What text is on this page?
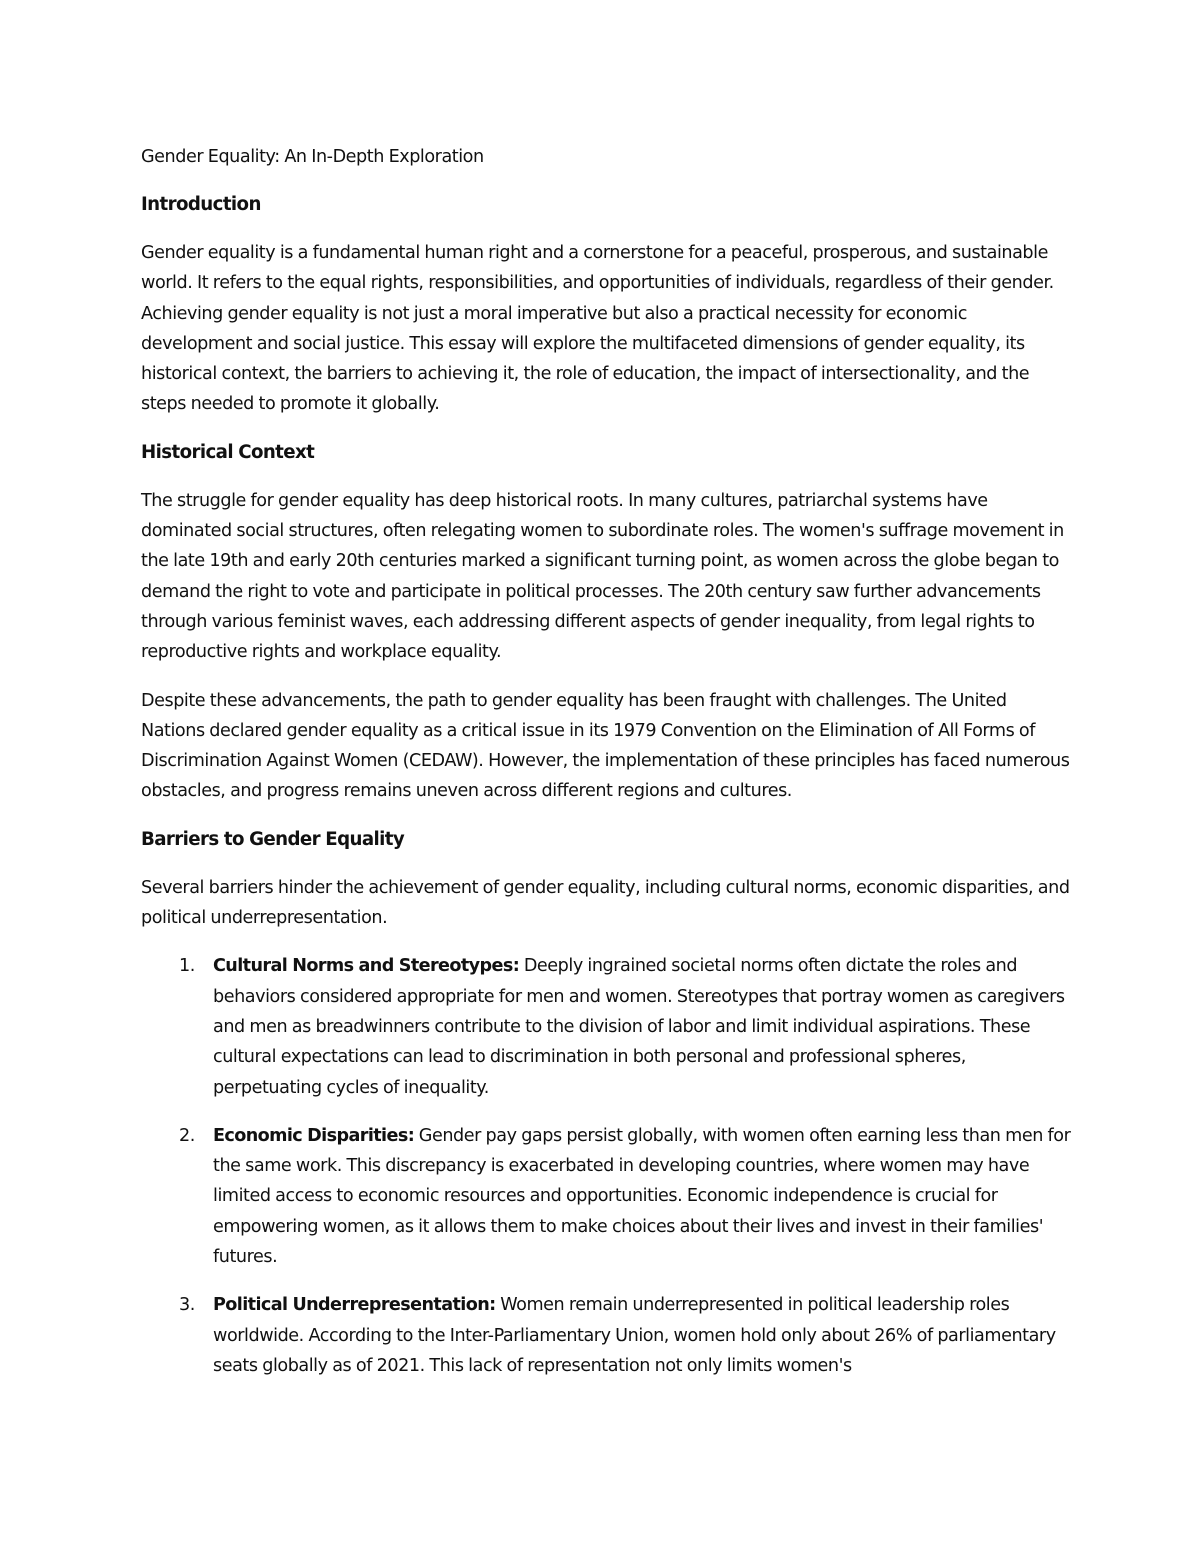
Gender Equality: An In-Depth Exploration
Introduction

Gender equality is a fundamental human right and a cornerstone for a peaceful, prosperous, and sustainable world. It refers to the equal rights, responsibilities, and opportunities of individuals, regardless of their gender. Achieving gender equality is not just a moral imperative but also a practical necessity for economic development and social justice. This essay will explore the multifaceted dimensions of gender equality, its historical context, the barriers to achieving it, the role of education, the impact of intersectionality, and the steps needed to promote it globally.

Historical Context

The struggle for gender equality has deep historical roots. In many cultures, patriarchal systems have dominated social structures, often relegating women to subordinate roles. The women's suffrage movement in the late 19th and early 20th centuries marked a significant turning point, as women across the globe began to demand the right to vote and participate in political processes. The 20th century saw further advancements through various feminist waves, each addressing different aspects of gender inequality, from legal rights to reproductive rights and workplace equality.

Despite these advancements, the path to gender equality has been fraught with challenges. The United Nations declared gender equality as a critical issue in its 1979 Convention on the Elimination of All Forms of Discrimination Against Women (CEDAW). However, the implementation of these principles has faced numerous obstacles, and progress remains uneven across different regions and cultures.

Barriers to Gender Equality

Several barriers hinder the achievement of gender equality, including cultural norms, economic disparities, and political underrepresentation.

1. Cultural Norms and Stereotypes: Deeply ingrained societal norms often dictate the roles and behaviors considered appropriate for men and women. Stereotypes that portray women as caregivers and men as breadwinners contribute to the division of labor and limit individual aspirations. These cultural expectations can lead to discrimination in both personal and professional spheres, perpetuating cycles of inequality.
2. Economic Disparities: Gender pay gaps persist globally, with women often earning less than men for the same work. This discrepancy is exacerbated in developing countries, where women may have limited access to economic resources and opportunities. Economic independence is crucial for empowering women, as it allows them to make choices about their lives and invest in their families' futures.
3. Political Underrepresentation: Women remain underrepresented in political leadership roles worldwide. According to the Inter-Parliamentary Union, women hold only about 26% of parliamentary seats globally as of 2021. This lack of representation not only limits women's
